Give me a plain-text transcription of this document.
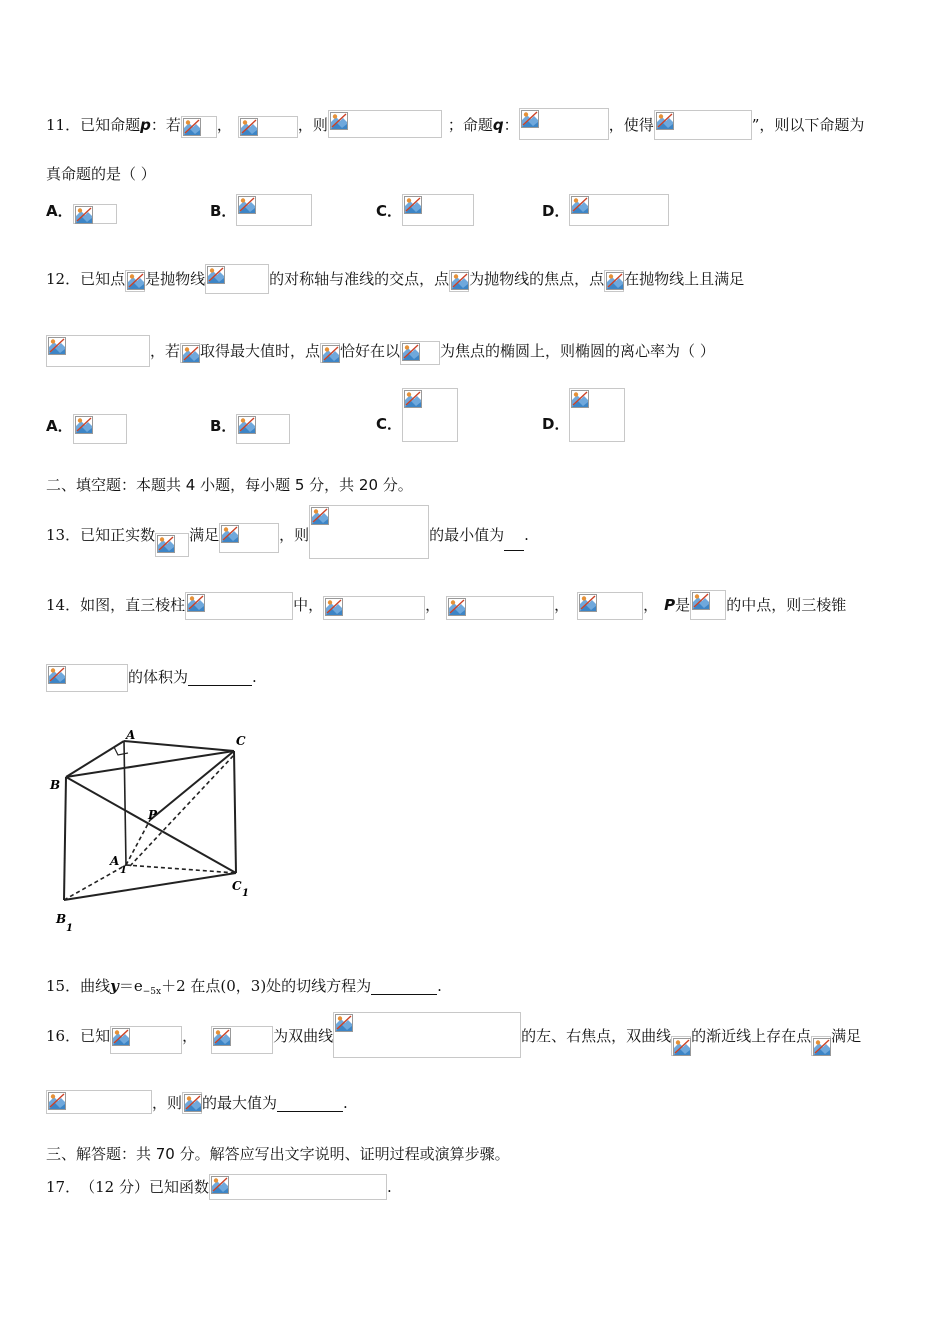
11．已知命题p：若 ，	，则	；命题q：	，使得	”，则以下命题为
真命题的是（ ）
A．	B．	C．	D．
12．已知点 是抛物线	的对称轴与准线的交点，点 为抛物线的焦点，点 在抛物线上且满足
，若 取得最大值时，点 恰好在以	为焦点的椭圆上，则椭圆的离心率为（ ）
A．	B．	C．	D．
二、填空题：本题共 4 小题，每小题 5 分，共 20 分。
13．已知正实数 满足	，则	的最小值为 .
14．如图，直三棱柱	中，	，	，	， P是 的中点，则三棱锥
的体积为	.
A	C
B
P
A
1
C
1
B
1
15．曲线y＝e−5x＋2 在点(0，3)处的切线方程为	.
16．已知	，	为双曲线	的左、右焦点，双曲线 的渐近线上存在点 满足
，则 的最大值为	.
三、解答题：共 70 分。解答应写出文字说明、证明过程或演算步骤。
17．（12 分）已知函数	.
